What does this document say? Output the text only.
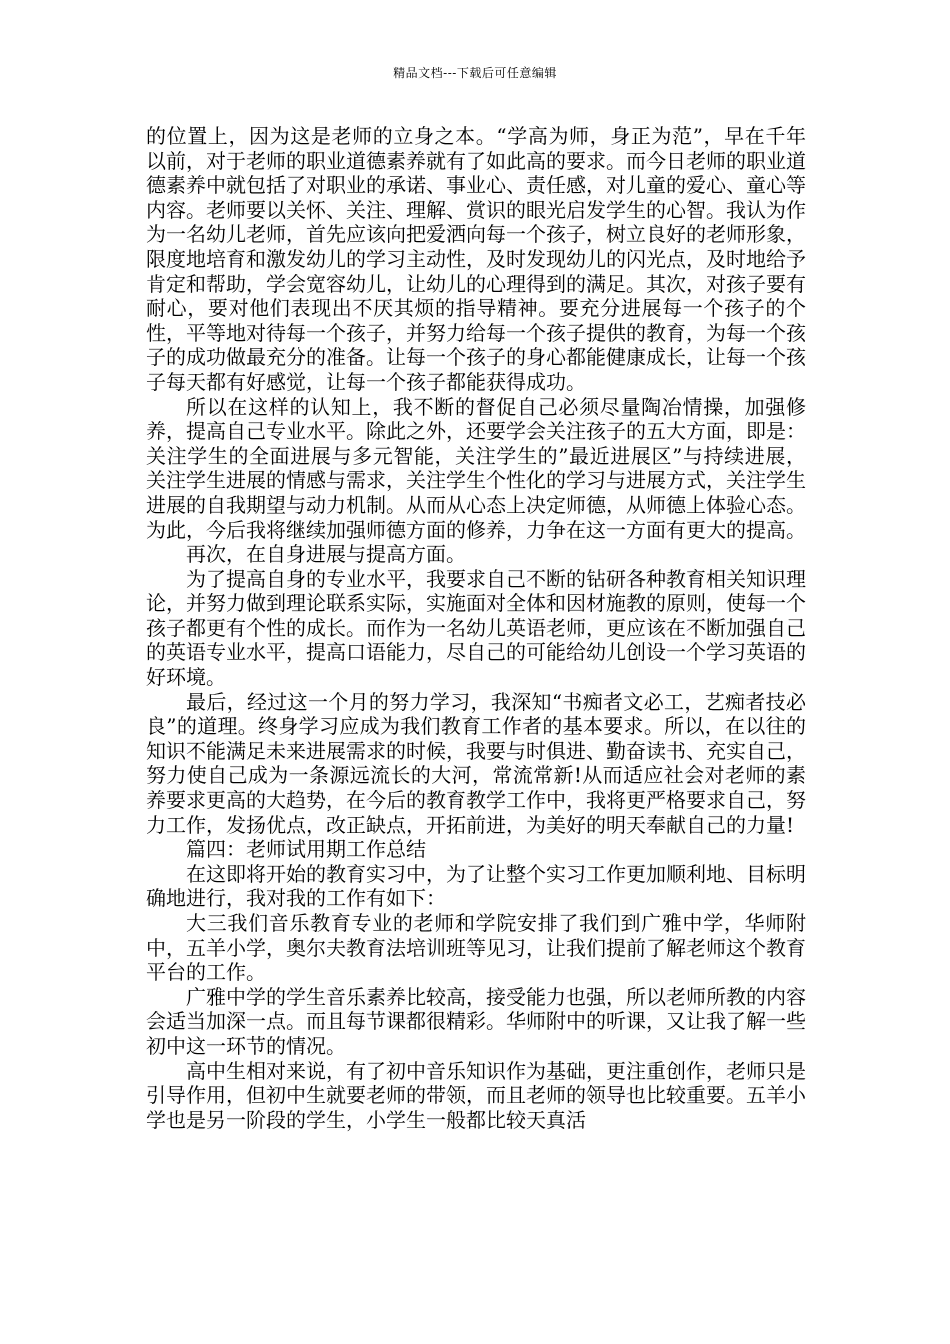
精品文档---下载后可任意编辑

的位置上，因为这是老师的立身之本。“学高为师，身正为范”，早在千年以前，对于老师的职业道德素养就有了如此高的要求。而今日老师的职业道德素养中就包括了对职业的承诺、事业心、责任感，对儿童的爱心、童心等内容。老师要以关怀、关注、理解、赏识的眼光启发学生的心智。我认为作为一名幼儿老师，首先应该向把爱洒向每一个孩子，树立良好的老师形象，限度地培育和激发幼儿的学习主动性，及时发现幼儿的闪光点，及时地给予肯定和帮助，学会宽容幼儿，让幼儿的心理得到的满足。其次，对孩子要有耐心，要对他们表现出不厌其烦的指导精神。要充分进展每一个孩子的个性，平等地对待每一个孩子，并努力给每一个孩子提供的教育，为每一个孩子的成功做最充分的准备。让每一个孩子的身心都能健康成长，让每一个孩子每天都有好感觉，让每一个孩子都能获得成功。

所以在这样的认知上，我不断的督促自己必须尽量陶冶情操，加强修养，提高自己专业水平。除此之外，还要学会关注孩子的五大方面，即是：关注学生的全面进展与多元智能，关注学生的”最近进展区”与持续进展，关注学生进展的情感与需求，关注学生个性化的学习与进展方式，关注学生进展的自我期望与动力机制。从而从心态上决定师德，从师德上体验心态。为此，今后我将继续加强师德方面的修养，力争在这一方面有更大的提高。

再次，在自身进展与提高方面。

为了提高自身的专业水平，我要求自己不断的钻研各种教育相关知识理论，并努力做到理论联系实际，实施面对全体和因材施教的原则，使每一个孩子都更有个性的成长。而作为一名幼儿英语老师，更应该在不断加强自己的英语专业水平，提高口语能力，尽自己的可能给幼儿创设一个学习英语的好环境。

最后，经过这一个月的努力学习，我深知“书痴者文必工，艺痴者技必良”的道理。终身学习应成为我们教育工作者的基本要求。所以，在以往的知识不能满足未来进展需求的时候，我要与时俱进、勤奋读书、充实自己，努力使自己成为一条源远流长的大河，常流常新!从而适应社会对老师的素养要求更高的大趋势，在今后的教育教学工作中，我将更严格要求自己，努力工作，发扬优点，改正缺点，开拓前进，为美好的明天奉献自己的力量!

篇四：老师试用期工作总结

在这即将开始的教育实习中，为了让整个实习工作更加顺利地、目标明确地进行，我对我的工作有如下：

大三我们音乐教育专业的老师和学院安排了我们到广雅中学，华师附中，五羊小学，奥尔夫教育法培训班等见习，让我们提前了解老师这个教育平台的工作。

广雅中学的学生音乐素养比较高，接受能力也强，所以老师所教的内容会适当加深一点。而且每节课都很精彩。华师附中的听课，又让我了解一些初中这一环节的情况。

高中生相对来说，有了初中音乐知识作为基础，更注重创作，老师只是引导作用，但初中生就要老师的带领，而且老师的领导也比较重要。五羊小学也是另一阶段的学生，小学生一般都比较天真活
